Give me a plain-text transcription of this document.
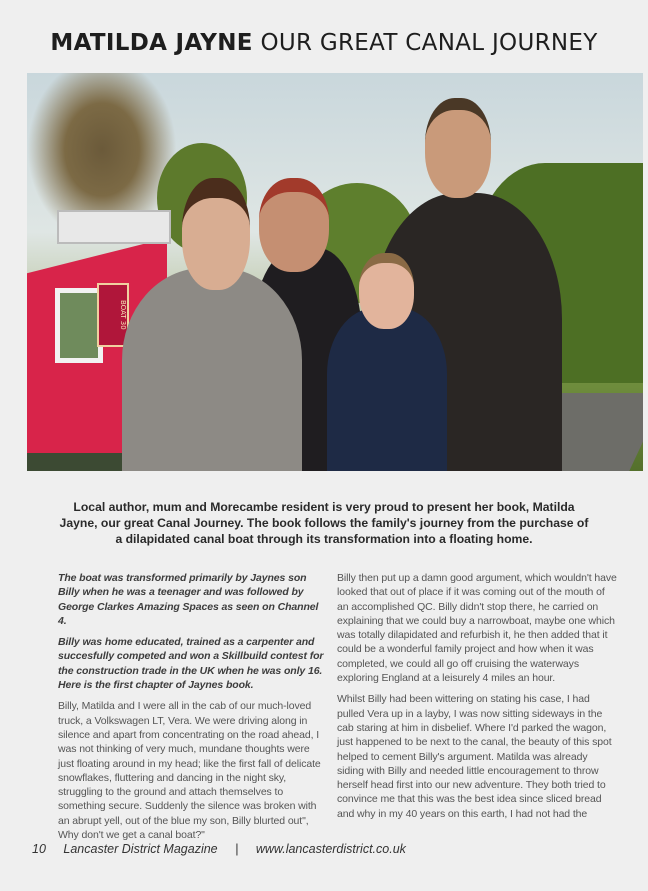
MATILDA JAYNE OUR GREAT CANAL JOURNEY
BOAT 30
Local author, mum and Morecambe resident is very proud to present her book, Matilda Jayne, our great Canal Journey. The book follows the family's journey from the purchase of a dilapidated canal boat through its transformation into a floating home.

The boat was transformed primarily by Jaynes son Billy when he was a teenager and was followed by George Clarkes Amazing Spaces as seen on Channel 4.

Billy was home educated, trained as a carpenter and succesfully competed and won a Skillbuild contest for the construction trade in the UK when he was only 16. Here is the first chapter of Jaynes book.

Billy, Matilda and I were all in the cab of our much-loved truck, a Volkswagen LT, Vera. We were driving along in silence and apart from concentrating on the road ahead, I was not thinking of very much, mundane thoughts were just floating around in my head; like the first fall of delicate snowflakes, fluttering and dancing in the night sky, struggling to the ground and attach themselves to something secure. Suddenly the silence was broken with an abrupt yell, out of the blue my son, Billy blurted out", Why don't we get a canal boat?"

Billy then put up a damn good argument, which wouldn't have looked that out of place if it was coming out of the mouth of an accomplished QC. Billy didn't stop there, he carried on explaining that we could buy a narrowboat, maybe one which was totally dilapidated and refurbish it, he then added that it could be a wonderful family project and how when it was completed, we could all go off cruising the waterways exploring England at a leisurely 4 miles an hour.

Whilst Billy had been wittering on stating his case, I had pulled Vera up in a layby, I was now sitting sideways in the cab staring at him in disbelief. Where I'd parked the wagon, just happened to be next to the canal, the beauty of this spot helped to cement Billy's argument. Matilda was already siding with Billy and needed little encouragement to throw herself head first into our new adventure. They both tried to convince me that this was the best idea since sliced bread and why in my 40 years on this earth, I had not had the

10 Lancaster District Magazine | www.lancasterdistrict.co.uk
